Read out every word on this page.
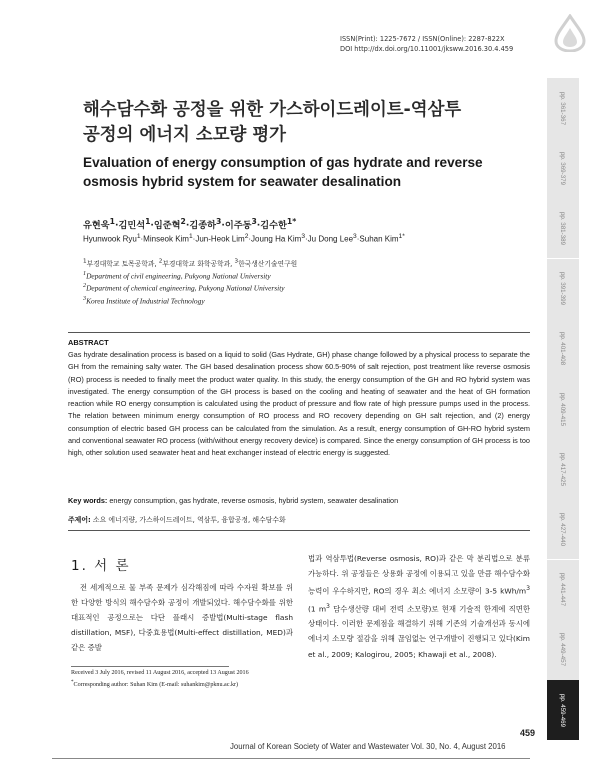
ISSN(Print): 1225-7672 / ISSN(Online): 2287-822X
DOI http://dx.doi.org/10.11001/jksww.2016.30.4.459
해수담수화 공정을 위한 가스하이드레이트-역삼투
공정의 에너지 소모량 평가
Evaluation of energy consumption of gas hydrate and reverse
osmosis hybrid system for seawater desalination
유현욱$^1$·김민석$^1$·임준혁$^2$·김종하$^3$·이주동$^3$·김수한$^{1*}$
Hyunwook Ryu$^1$·Minseok Kim$^1$·Jun-Heok Lim$^2$·Joung Ha Kim$^3$·Ju Dong Lee$^3$·Suhan Kim$^{1*}$
$^1$부경대학교 토목공학과, $^2$부경대학교 화학공학과, $^3$한국생산기술연구원
$^1$Department of civil engineering, Pukyong National University
$^2$Department of chemical engineering, Pukyong National University
$^3$Korea Institute of Industrial Technology
ABSTRACT
Gas hydrate desalination process is based on a liquid to solid (Gas Hydrate, GH) phase change followed by a physical process to separate the GH from the remaining salty water. The GH based desalination process show 60.5-90% of salt rejection, post treatment like reverse osmosis (RO) process is needed to finally meet the product water quality. In this study, the energy consumption of the GH and RO hybrid system was investigated. The energy consumption of the GH process is based on the cooling and heating of seawater and the heat of GH formation reaction while RO energy consumption is calculated using the product of pressure and flow rate of high pressure pumps used in the process. The relation between minimum energy consumption of RO process and RO recovery depending on GH salt rejection, and (2) energy consumption of electric based GH process can be calculated from the simulation. As a result, energy consumption of GH-RO hybrid system and conventional seawater RO process (with/without energy recovery device) is compared. Since the energy consumption of GH process is too high, other solution used seawater heat and heat exchanger instead of electric energy is suggested.
Key words: energy consumption, gas hydrate, reverse osmosis, hybrid system, seawater desalination
주제어: 소요 에너지량, 가스하이드레이트, 역삼투, 융합공정, 해수담수화
1. 서 론

전 세계적으로 물 부족 문제가 심각해짐에 따라 수자원 확보를 위한 다양한 방식의 해수담수화 공정이 개발되었다. 해수담수화를 위한 대표적인 공정으로는 다단 플래시 증발법(Multi-stage flash distillation, MSF), 다중효용법(Multi-effect distillation, MED)과 같은 증발

법과 역삼투법(Reverse osmosis, RO)과 같은 막 분리법으로 분류가능하다. 위 공정들은 상용화 공정에 이용되고 있을 만큼 해수담수화 능력이 우수하지만, RO의 경우 최소 에너지 소모량이 3-5 kWh/$m^3$ (1 $m^3$ 담수생산량 대비 전력 소모량)로 현재 기술적 한계에 직면한 상태이다. 이러한 문제점을 해결하기 위해 기존의 기술개선과 동시에 에너지 소모량 절감을 위해 끊임없는 연구개발이 진행되고 있다(Kim et al., 2009; Kalogirou, 2005; Khawaji et al., 2008).

Received 3 July 2016, revised 11 August 2016, accepted 13 August 2016
*Corresponding author: Suhan Kim (E-mail: suhankim@pknu.ac.kr)
459
Journal of Korean Society of Water and Wastewater Vol. 30, No. 4, August 2016
pp. 361-367
pp. 369-379
pp. 381-389
pp. 391-399
pp. 401-408
pp. 409-415
pp. 417-425
pp. 427-440
pp. 441-447
pp. 449-457
pp. 459-469
